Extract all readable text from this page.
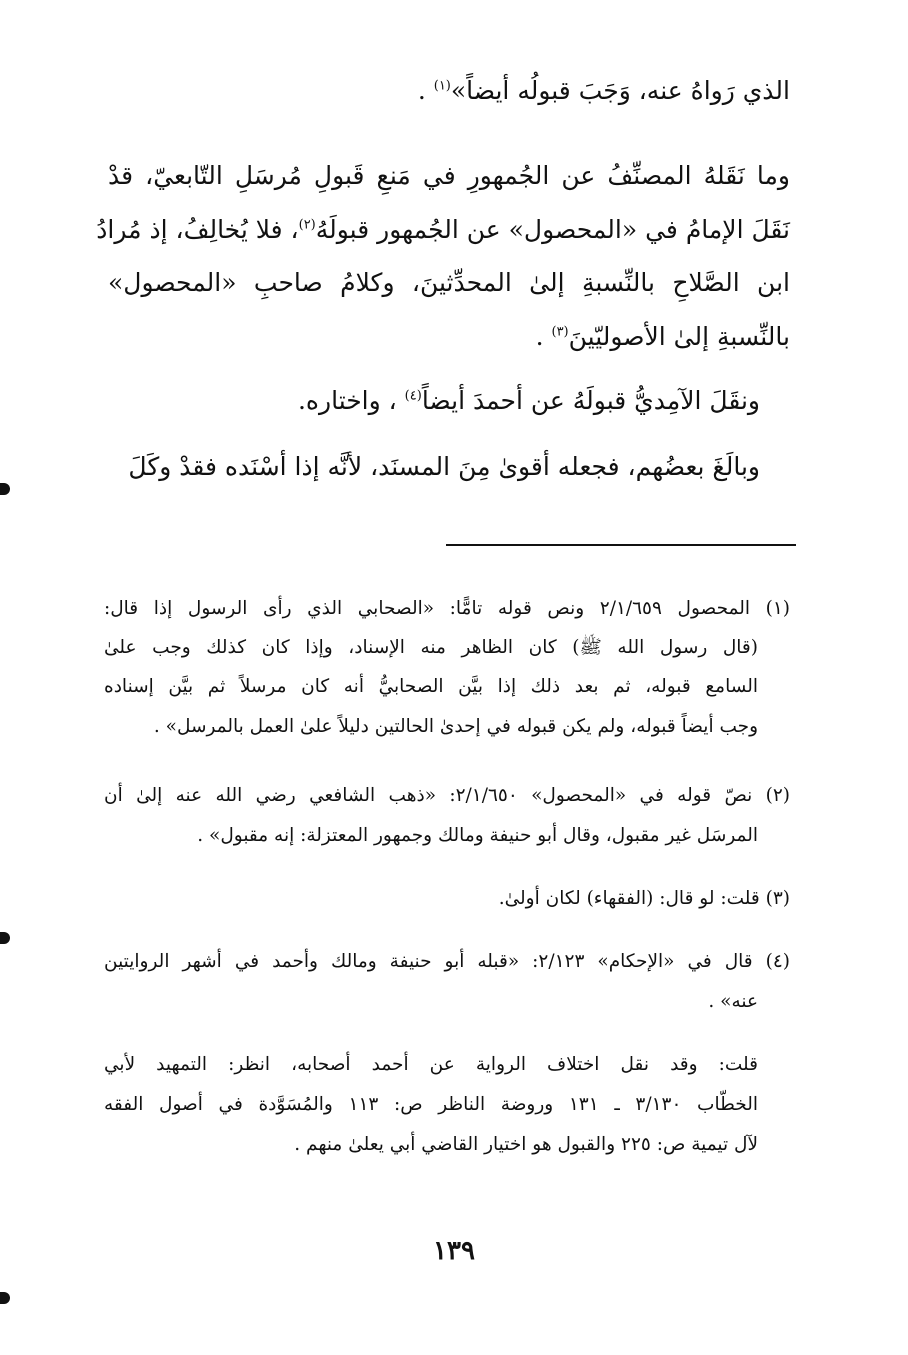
الذي رَواهُ عنه، وَجَبَ قبولُه أيضاً»$^{(١)}$ .
وما نَقَلهُ المصنِّفُ عن الجُمهورِ في مَنعِ قَبولِ مُرسَلِ التّابعيّ، قدْ
نَقَلَ الإمامُ في «المحصول» عن الجُمهور قبولَهُ$^{(٢)}$، فلا يُخالِفُ، إذ مُرادُ
ابن الصَّلاحِ بالنِّسبةِ إلىٰ المحدِّثينَ، وكلامُ صاحبِ «المحصول»
بالنِّسبةِ إلىٰ الأصوليّينَ$^{(٣)}$ .
ونقَلَ الآمِديُّ قبولَهُ عن أحمدَ أيضاً$^{(٤)}$ ، واختاره.
وبالَغَ بعضُهم، فجعله أقوىٰ مِنَ المسنَد، لأنَّه إذا أسْنَده فقدْ وكَلَ
(١) المحصول ٢/١/٦٥٩ ونص قوله تامًّا: «الصحابي الذي رأى الرسول إذا قال:
(قال رسول الله ﷺ) كان الظاهر منه الإسناد، وإذا كان كذلك وجب علىٰ
السامع قبوله، ثم بعد ذلك إذا بيَّن الصحابيُّ أنه كان مرسلاً ثم بيَّن إسناده
وجب أيضاً قبوله، ولم يكن قبوله في إحدىٰ الحالتين دليلاً علىٰ العمل بالمرسل» .
(٢) نصّ قوله في «المحصول» ٢/١/٦٥٠: «ذهب الشافعي رضي الله عنه إلىٰ أن
المرسَل غير مقبول، وقال أبو حنيفة ومالك وجمهور المعتزلة: إنه مقبول» .
(٣) قلت: لو قال: (الفقهاء) لكان أولىٰ.
(٤) قال في «الإحكام» ٢/١٢٣: «قبله أبو حنيفة ومالك وأحمد في أشهر الروايتين
عنه» .
قلت: وقد نقل اختلاف الرواية عن أحمد أصحابه، انظر: التمهيد لأبي
الخطّاب ٣/١٣٠ ـ ١٣١ وروضة الناظر ص: ١١٣ والمُسَوَّدة في أصول الفقه
لآل تيمية ص: ٢٢٥ والقبول هو اختيار القاضي أبي يعلىٰ منهم .
١٣٩
